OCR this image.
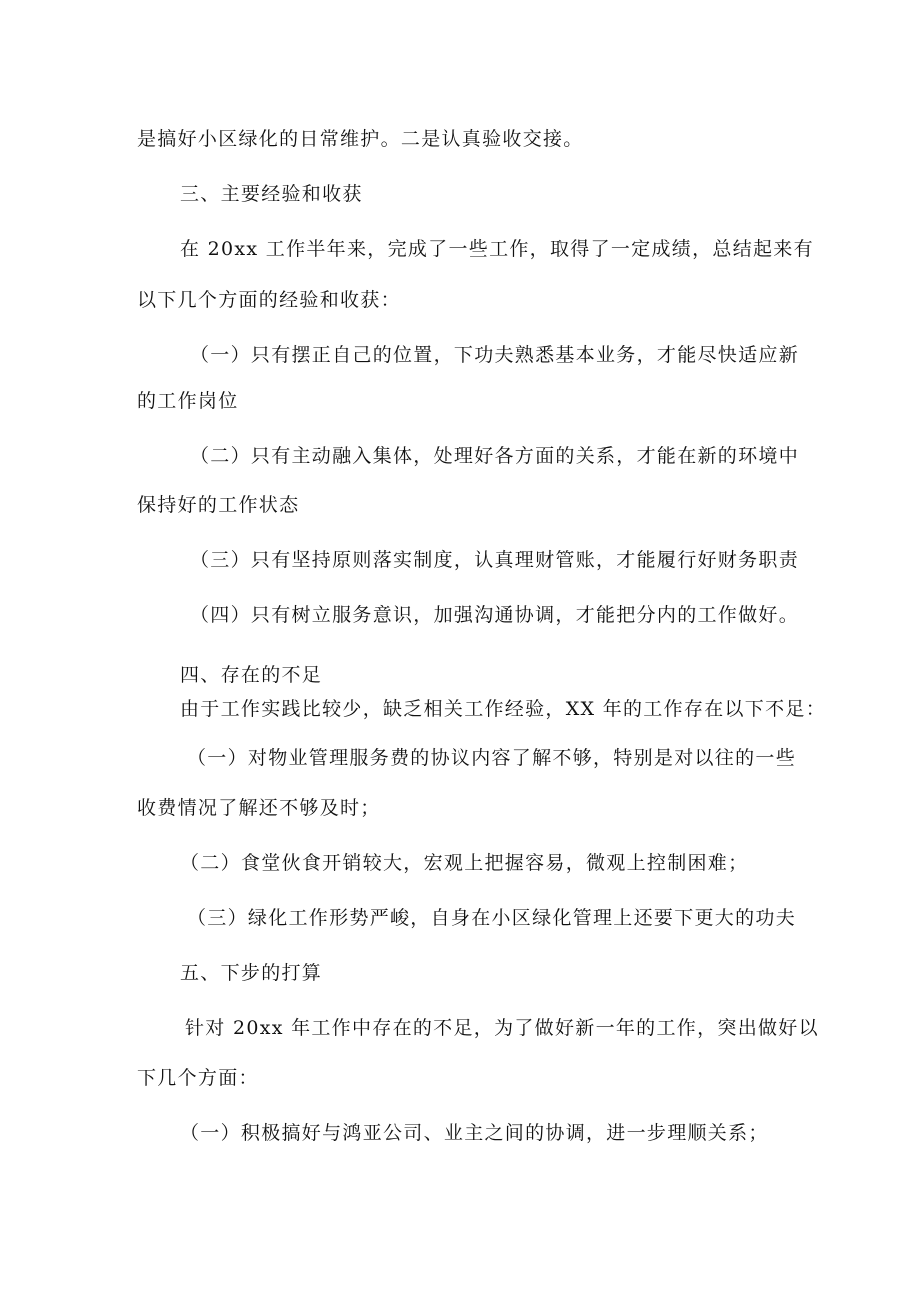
是搞好小区绿化的日常维护。二是认真验收交接。
三、主要经验和收获
在 20xx 工作半年来，完成了一些工作，取得了一定成绩，总结起来有
以下几个方面的经验和收获：
（一）只有摆正自己的位置，下功夫熟悉基本业务，才能尽快适应新
的工作岗位
（二）只有主动融入集体，处理好各方面的关系，才能在新的环境中
保持好的工作状态
（三）只有坚持原则落实制度，认真理财管账，才能履行好财务职责
（四）只有树立服务意识，加强沟通协调，才能把分内的工作做好。
四、存在的不足
由于工作实践比较少，缺乏相关工作经验，XX 年的工作存在以下不足：
（一）对物业管理服务费的协议内容了解不够，特别是对以往的一些
收费情况了解还不够及时；
（二）食堂伙食开销较大，宏观上把握容易，微观上控制困难；
（三）绿化工作形势严峻，自身在小区绿化管理上还要下更大的功夫
五、下步的打算
针对 20xx 年工作中存在的不足，为了做好新一年的工作，突出做好以
下几个方面：
（一）积极搞好与鸿亚公司、业主之间的协调，进一步理顺关系；
